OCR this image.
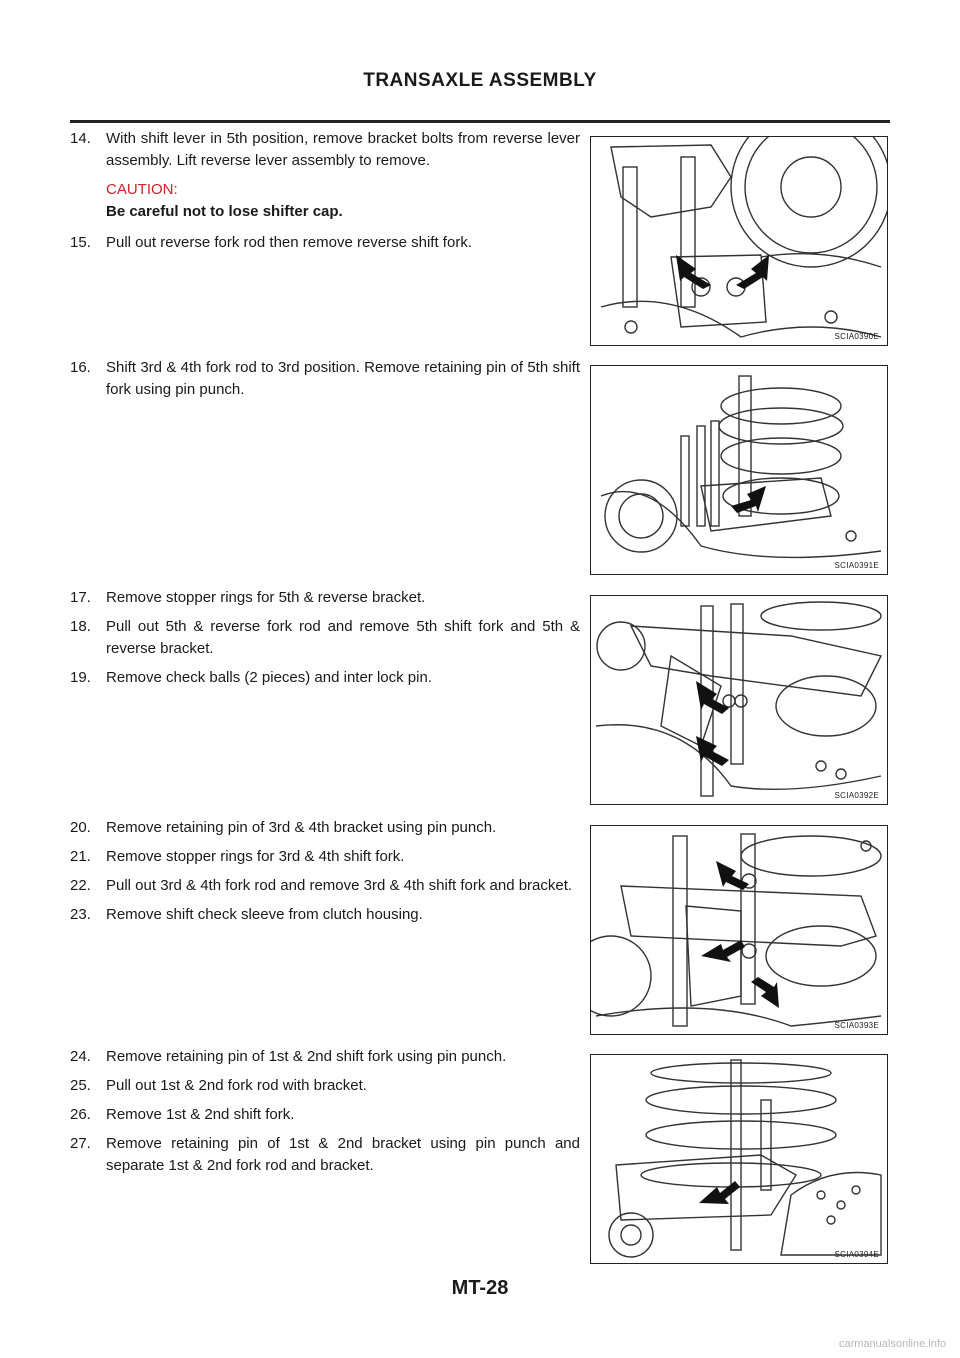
TRANSAXLE ASSEMBLY
14. With shift lever in 5th position, remove bracket bolts from reverse lever assembly. Lift reverse lever assembly to remove.
CAUTION:
Be careful not to lose shifter cap.
15. Pull out reverse fork rod then remove reverse shift fork.
SCIA0390E
16. Shift 3rd & 4th fork rod to 3rd position. Remove retaining pin of 5th shift fork using pin punch.
SCIA0391E
17. Remove stopper rings for 5th & reverse bracket.
18. Pull out 5th & reverse fork rod and remove 5th shift fork and 5th & reverse bracket.
19. Remove check balls (2 pieces) and inter lock pin.
SCIA0392E
20. Remove retaining pin of 3rd & 4th bracket using pin punch.
21. Remove stopper rings for 3rd & 4th shift fork.
22. Pull out 3rd & 4th fork rod and remove 3rd & 4th shift fork and bracket.
23. Remove shift check sleeve from clutch housing.
SCIA0393E
24. Remove retaining pin of 1st & 2nd shift fork using pin punch.
25. Pull out 1st & 2nd fork rod with bracket.
26. Remove 1st & 2nd shift fork.
27. Remove retaining pin of 1st & 2nd bracket using pin punch and separate 1st & 2nd fork rod and bracket.
SCIA0394E
MT-28
carmanualsonline.info
